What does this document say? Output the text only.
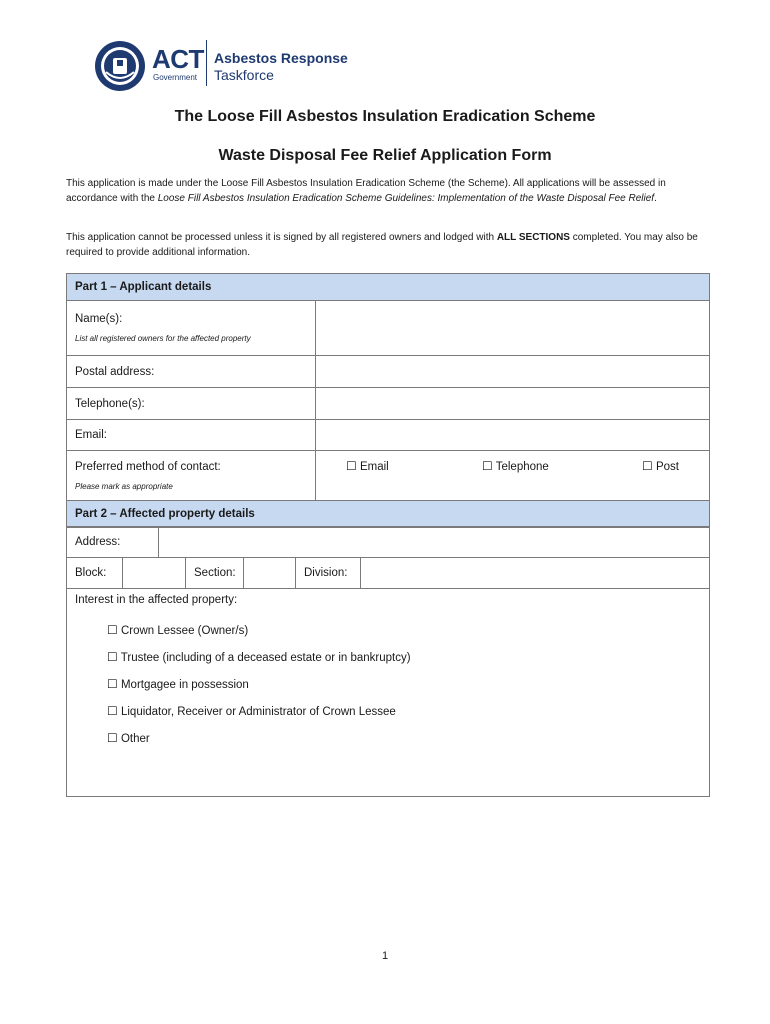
ACT
Government
Asbestos Response
Taskforce
The Loose Fill Asbestos Insulation Eradication Scheme
Waste Disposal Fee Relief Application Form
This application is made under the Loose Fill Asbestos Insulation Eradication Scheme (the Scheme). All applications will be assessed in accordance with the Loose Fill Asbestos Insulation Eradication Scheme Guidelines: Implementation of the Waste Disposal Fee Relief.
This application cannot be processed unless it is signed by all registered owners and lodged with ALL SECTIONS completed. You may also be required to provide additional information.
Part 1 – Applicant details	
Name(s):
List all registered owners for the affected property	

Postal address:	
Telephone(s):	
Email:	
Preferred method of contact:
Please mark as appropriate	☐ Email ☐ Telephone ☐ Post
Part 2 – Affected property details
Address:	
Block:		Section:		Division:	
Interest in the affected property:
☐ Crown Lessee (Owner/s)
☐ Trustee (including of a deceased estate or in bankruptcy)
☐ Mortgagee in possession
☐ Liquidator, Receiver or Administrator of Crown Lessee
☐ Other
1
